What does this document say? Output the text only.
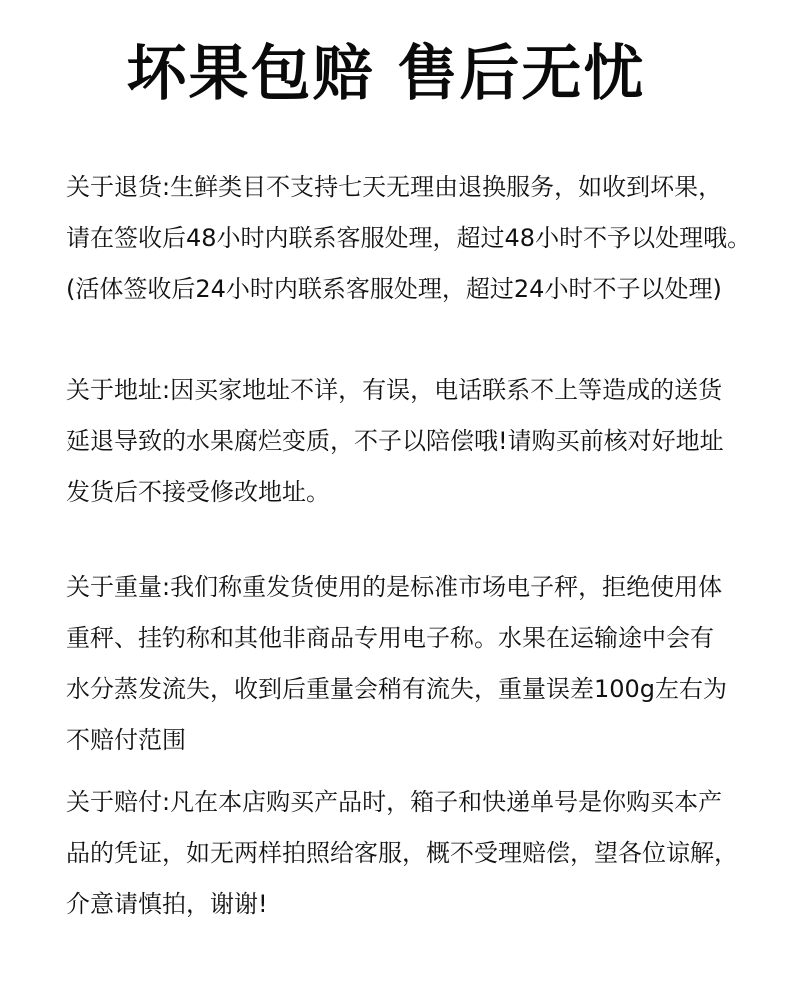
坏果包赔 售后无忧
关于退货:生鲜类目不支持七天无理由退换服务，如收到坏果，
请在签收后48小时内联系客服处理，超过48小时不予以处理哦。
(活体签收后24小时内联系客服处理，超过24小时不子以处理)
关于地址:因买家地址不详，有误，电话联系不上等造成的送货
延退导致的水果腐烂变质，不子以陪偿哦!请购买前核对好地址
发货后不接受修改地址。
关于重量:我们称重发货使用的是标准市场电子秤，拒绝使用体
重秤、挂钓称和其他非商品专用电子称。水果在运输途中会有
水分蒸发流失，收到后重量会稍有流失，重量误差100g左右为
不赔付范围
关于赔付:凡在本店购买产品时，箱子和快递单号是你购买本产
品的凭证，如无两样拍照给客服，概不受理赔偿，望各位谅解，
介意请慎拍，谢谢!
